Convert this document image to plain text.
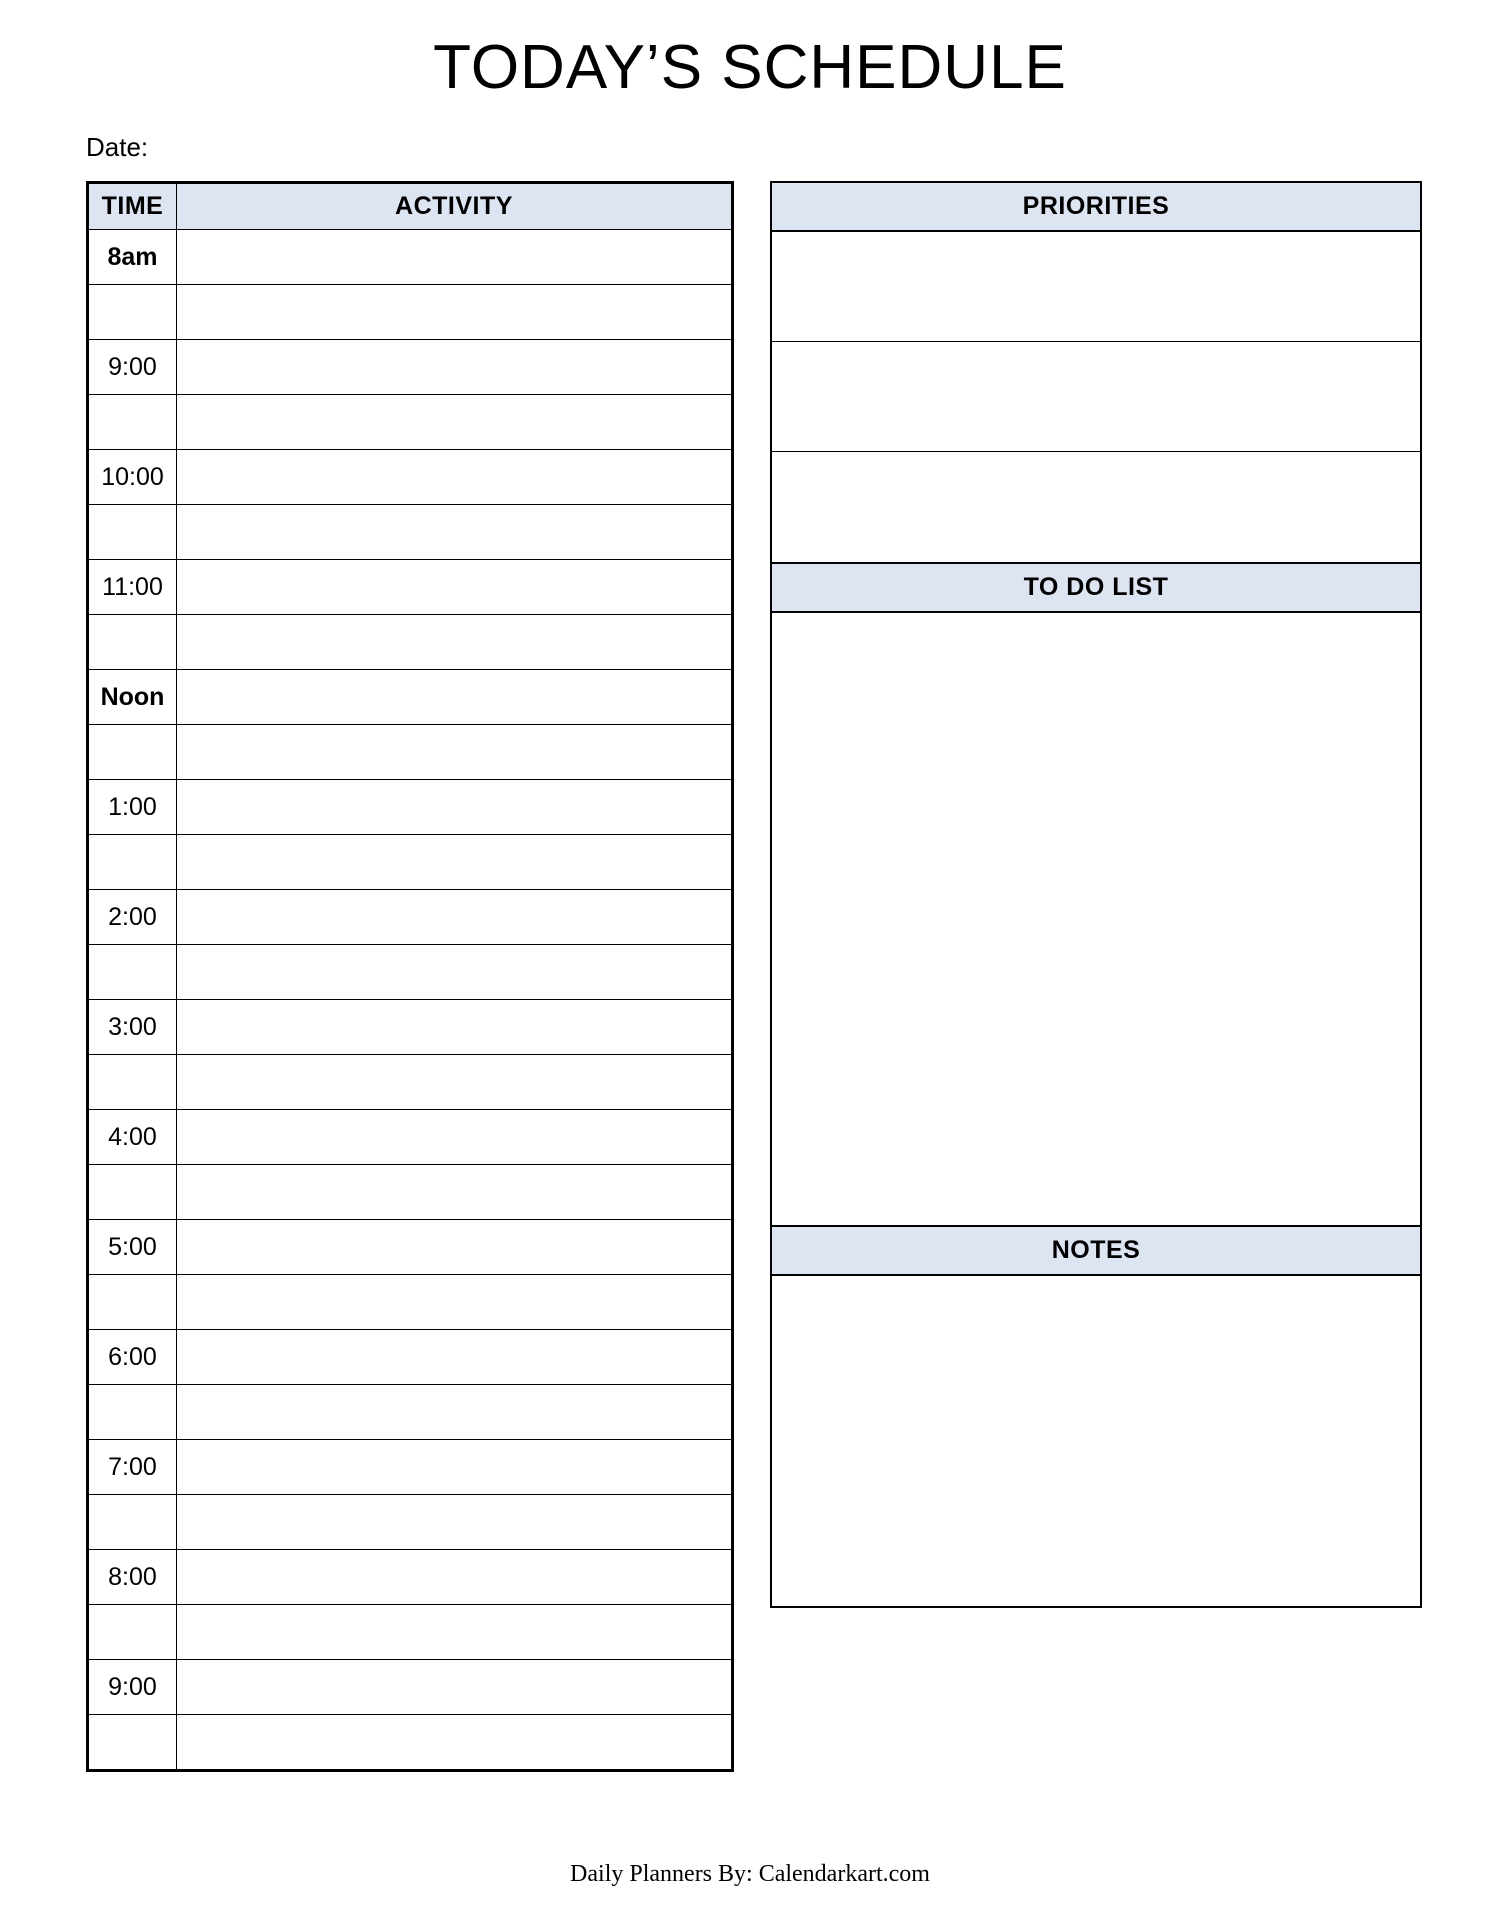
TODAY’S SCHEDULE
Date:
TIME	ACTIVITY
8am	

9:00	

10:00	

11:00	

Noon	

1:00	

2:00	

3:00	

4:00	

5:00	

6:00	

7:00	

8:00	

9:00	

PRIORITIES
TO DO LIST
NOTES
Daily Planners By: Calendarkart.com
